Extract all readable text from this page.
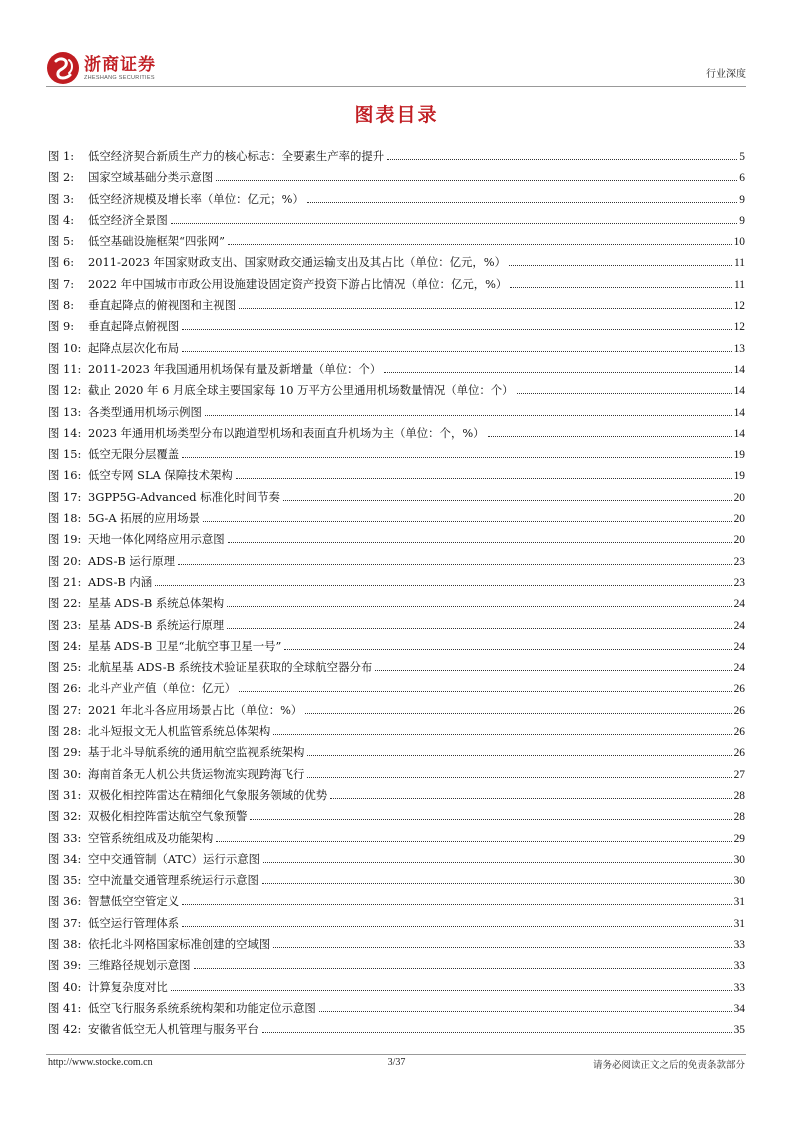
浙商证券
ZHESHANG SECURITIES	行业深度
图表目录
图 1:	低空经济契合新质生产力的核心标志：全要素生产率的提升	5
图 2:	国家空域基础分类示意图	6
图 3:	低空经济规模及增长率（单位：亿元；%）	9
图 4:	低空经济全景图	9
图 5:	低空基础设施框架“四张网”	10
图 6:	2011-2023 年国家财政支出、国家财政交通运输支出及其占比（单位：亿元，%）	11
图 7:	2022 年中国城市市政公用设施建设固定资产投资下游占比情况（单位：亿元，%）	11
图 8:	垂直起降点的俯视图和主视图	12
图 9:	垂直起降点俯视图	12
图 10: 起降点层次化布局	13
图 11: 2011-2023 年我国通用机场保有量及新增量（单位：个）	14
图 12: 截止 2020 年 6 月底全球主要国家每 10 万平方公里通用机场数量情况（单位：个）	14
图 13: 各类型通用机场示例图	14
图 14: 2023 年通用机场类型分布以跑道型机场和表面直升机场为主（单位：个，%）	14
图 15: 低空无限分层覆盖	19
图 16: 低空专网 SLA 保障技术架构	19
图 17: 3GPP5G-Advanced 标准化时间节奏	20
图 18: 5G-A 拓展的应用场景	20
图 19: 天地一体化网络应用示意图	20
图 20: ADS-B 运行原理	23
图 21: ADS-B 内涵	23
图 22: 星基 ADS-B 系统总体架构	24
图 23: 星基 ADS-B 系统运行原理	24
图 24: 星基 ADS-B 卫星“北航空事卫星一号”	24
图 25: 北航星基 ADS-B 系统技术验证星获取的全球航空器分布	24
图 26: 北斗产业产值（单位：亿元）	26
图 27: 2021 年北斗各应用场景占比（单位：%）	26
图 28: 北斗短报文无人机监管系统总体架构	26
图 29: 基于北斗导航系统的通用航空监视系统架构	26
图 30: 海南首条无人机公共货运物流实现跨海飞行	27
图 31: 双极化相控阵雷达在精细化气象服务领域的优势	28
图 32: 双极化相控阵雷达航空气象预警	28
图 33: 空管系统组成及功能架构	29
图 34: 空中交通管制（ATC）运行示意图	30
图 35: 空中流量交通管理系统运行示意图	30
图 36: 智慧低空空管定义	31
图 37: 低空运行管理体系	31
图 38: 依托北斗网格国家标准创建的空域图	33
图 39: 三维路径规划示意图	33
图 40: 计算复杂度对比	33
图 41: 低空飞行服务系统系统构架和功能定位示意图	34
图 42: 安徽省低空无人机管理与服务平台	35
http://www.stocke.com.cn	3/37	请务必阅读正文之后的免责条款部分
